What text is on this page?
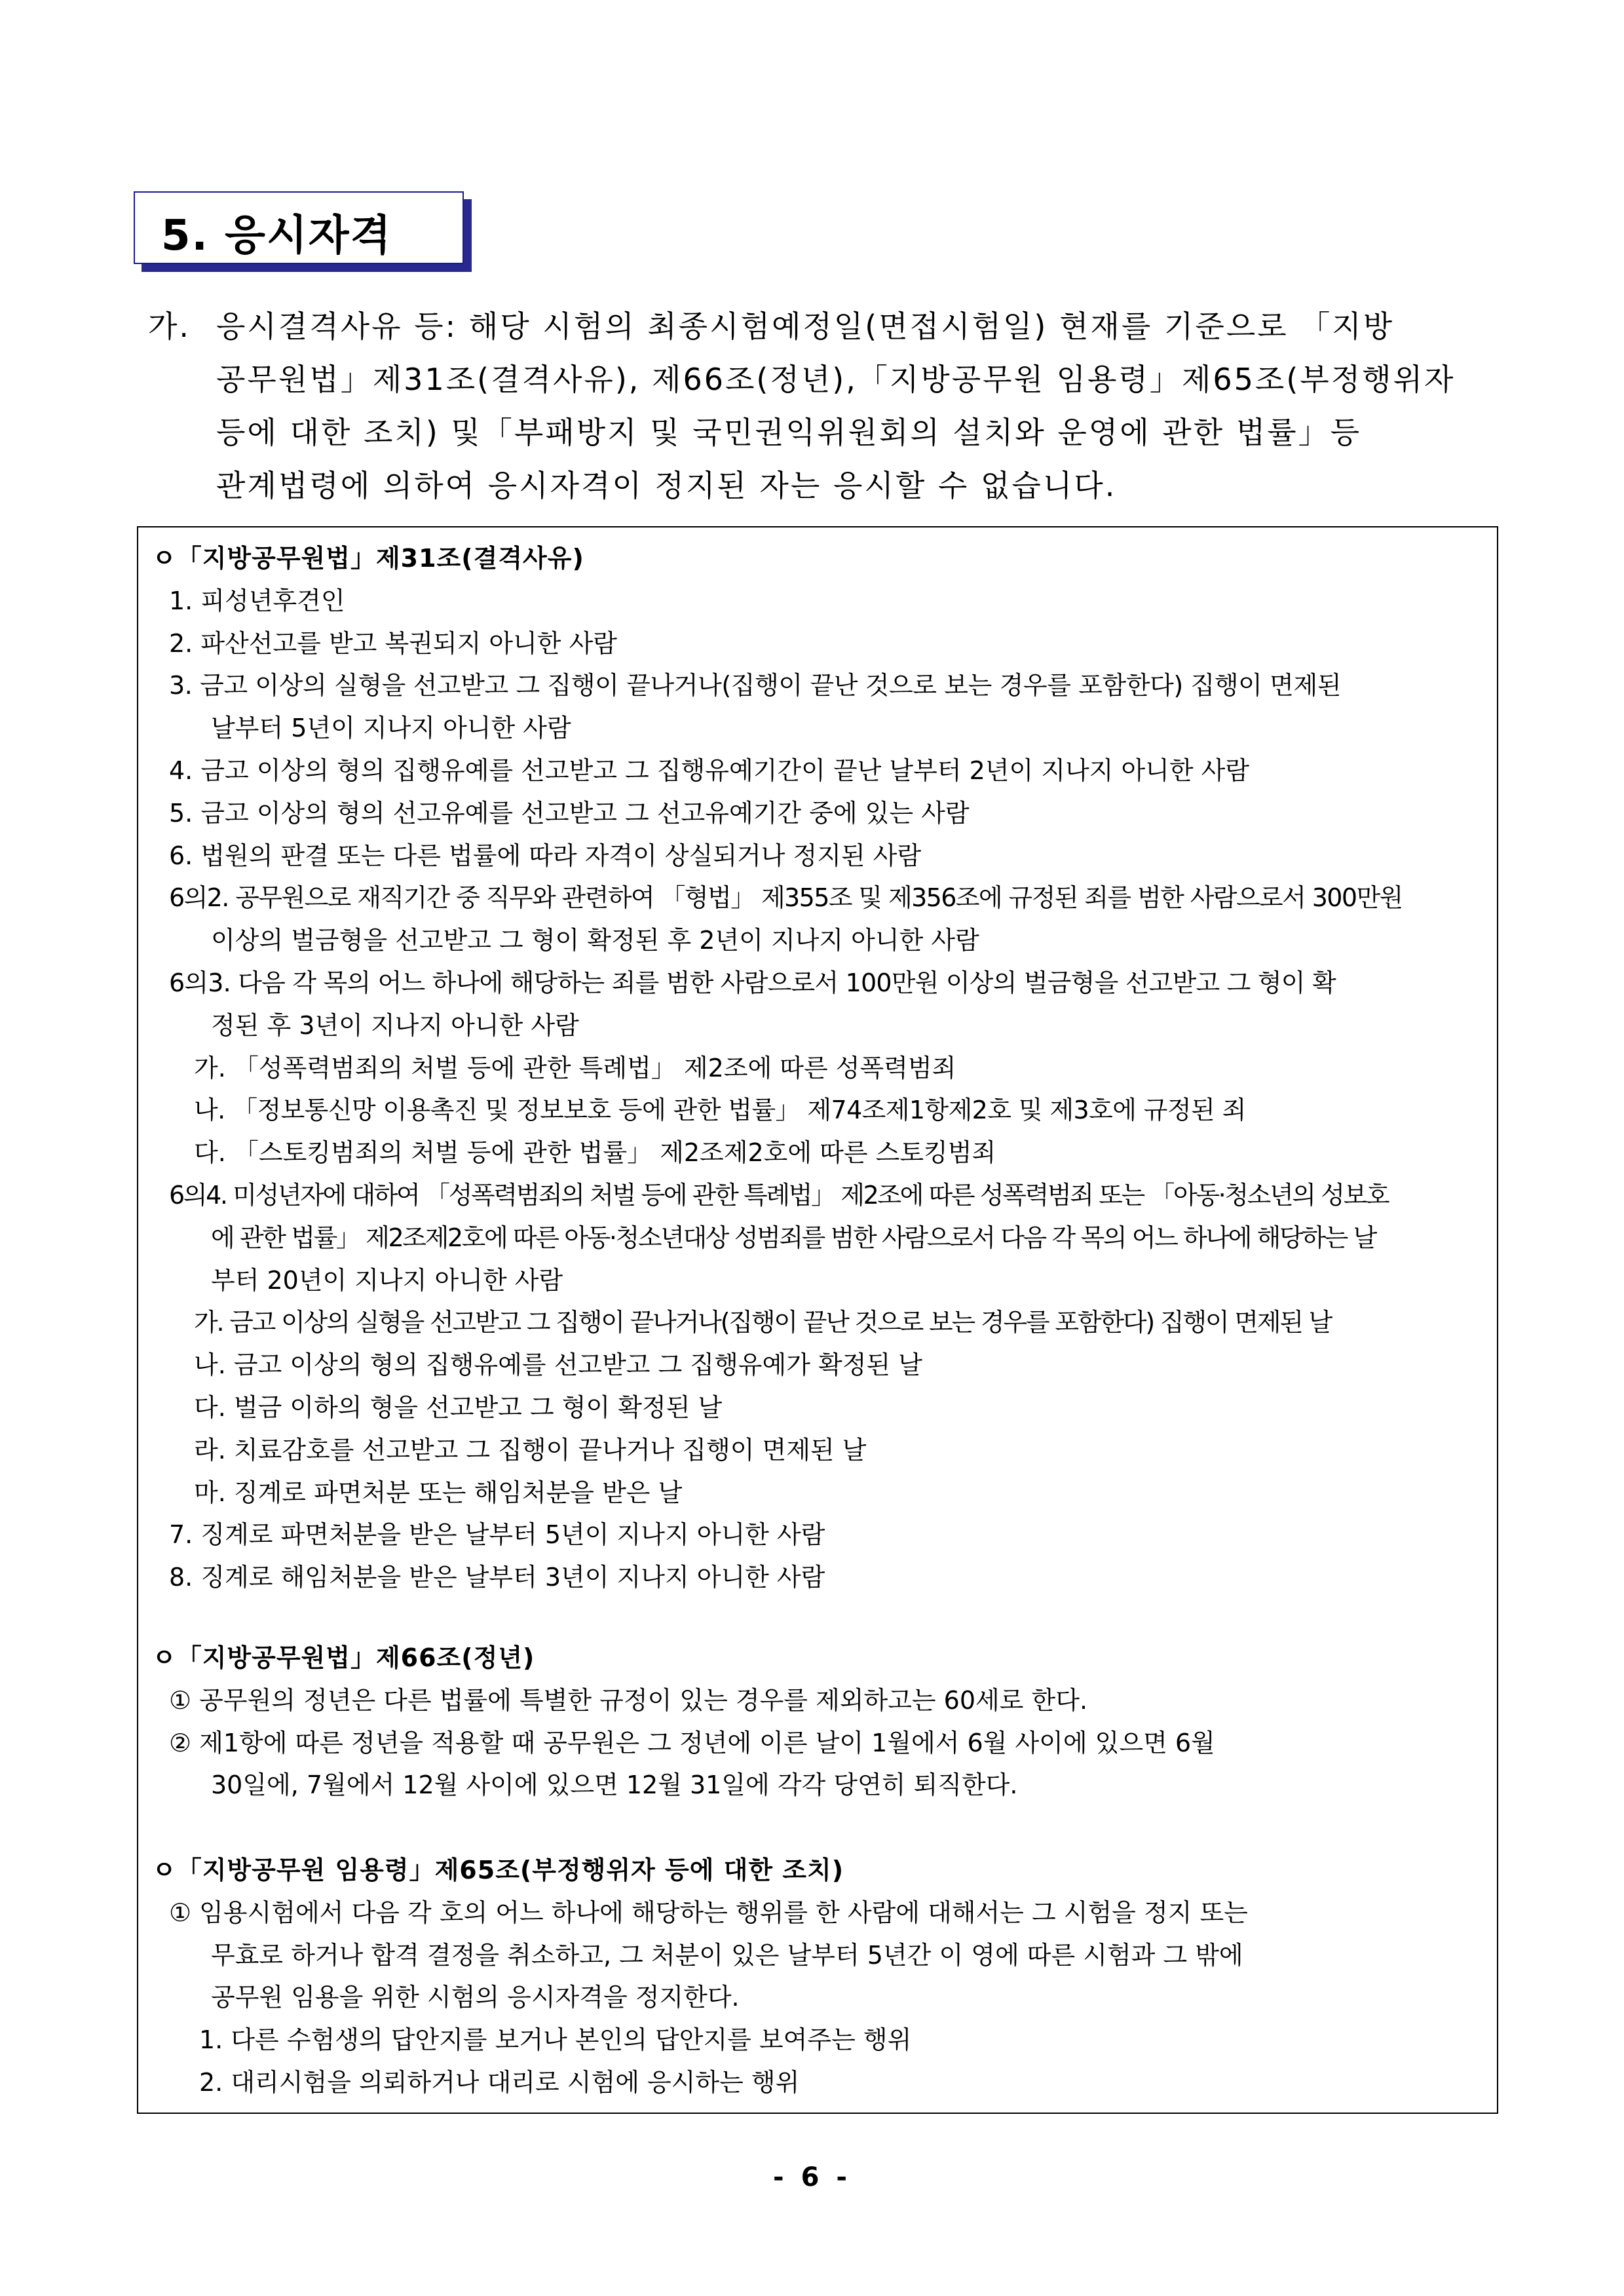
5. 응시자격
가. 응시결격사유 등: 해당 시험의 최종시험예정일(면접시험일) 현재를 기준으로 「지방
공무원법」제31조(결격사유), 제66조(정년),「지방공무원 임용령」제65조(부정행위자
등에 대한 조치) 및「부패방지 및 국민권익위원회의 설치와 운영에 관한 법률」등
관계법령에 의하여 응시자격이 정지된 자는 응시할 수 없습니다.
ㅇ「지방공무원법」제31조(결격사유)
1. 피성년후견인
2. 파산선고를 받고 복권되지 아니한 사람
3. 금고 이상의 실형을 선고받고 그 집행이 끝나거나(집행이 끝난 것으로 보는 경우를 포함한다) 집행이 면제된
날부터 5년이 지나지 아니한 사람
4. 금고 이상의 형의 집행유예를 선고받고 그 집행유예기간이 끝난 날부터 2년이 지나지 아니한 사람
5. 금고 이상의 형의 선고유예를 선고받고 그 선고유예기간 중에 있는 사람
6. 법원의 판결 또는 다른 법률에 따라 자격이 상실되거나 정지된 사람
6의2. 공무원으로 재직기간 중 직무와 관련하여 「형법」 제355조 및 제356조에 규정된 죄를 범한 사람으로서 300만원
이상의 벌금형을 선고받고 그 형이 확정된 후 2년이 지나지 아니한 사람
6의3. 다음 각 목의 어느 하나에 해당하는 죄를 범한 사람으로서 100만원 이상의 벌금형을 선고받고 그 형이 확
정된 후 3년이 지나지 아니한 사람
가. 「성폭력범죄의 처벌 등에 관한 특례법」 제2조에 따른 성폭력범죄
나. 「정보통신망 이용촉진 및 정보보호 등에 관한 법률」 제74조제1항제2호 및 제3호에 규정된 죄
다. 「스토킹범죄의 처벌 등에 관한 법률」 제2조제2호에 따른 스토킹범죄
6의4. 미성년자에 대하여 「성폭력범죄의 처벌 등에 관한 특례법」 제2조에 따른 성폭력범죄 또는 「아동·청소년의 성보호
에 관한 법률」 제2조제2호에 따른 아동·청소년대상 성범죄를 범한 사람으로서 다음 각 목의 어느 하나에 해당하는 날
부터 20년이 지나지 아니한 사람
가. 금고 이상의 실형을 선고받고 그 집행이 끝나거나(집행이 끝난 것으로 보는 경우를 포함한다) 집행이 면제된 날
나. 금고 이상의 형의 집행유예를 선고받고 그 집행유예가 확정된 날
다. 벌금 이하의 형을 선고받고 그 형이 확정된 날
라. 치료감호를 선고받고 그 집행이 끝나거나 집행이 면제된 날
마. 징계로 파면처분 또는 해임처분을 받은 날
7. 징계로 파면처분을 받은 날부터 5년이 지나지 아니한 사람
8. 징계로 해임처분을 받은 날부터 3년이 지나지 아니한 사람
ㅇ「지방공무원법」제66조(정년)
① 공무원의 정년은 다른 법률에 특별한 규정이 있는 경우를 제외하고는 60세로 한다.
② 제1항에 따른 정년을 적용할 때 공무원은 그 정년에 이른 날이 1월에서 6월 사이에 있으면 6월
30일에, 7월에서 12월 사이에 있으면 12월 31일에 각각 당연히 퇴직한다.
ㅇ「지방공무원 임용령」제65조(부정행위자 등에 대한 조치)
① 임용시험에서 다음 각 호의 어느 하나에 해당하는 행위를 한 사람에 대해서는 그 시험을 정지 또는
무효로 하거나 합격 결정을 취소하고, 그 처분이 있은 날부터 5년간 이 영에 따른 시험과 그 밖에
공무원 임용을 위한 시험의 응시자격을 정지한다.
1. 다른 수험생의 답안지를 보거나 본인의 답안지를 보여주는 행위
2. 대리시험을 의뢰하거나 대리로 시험에 응시하는 행위
- 6 -
